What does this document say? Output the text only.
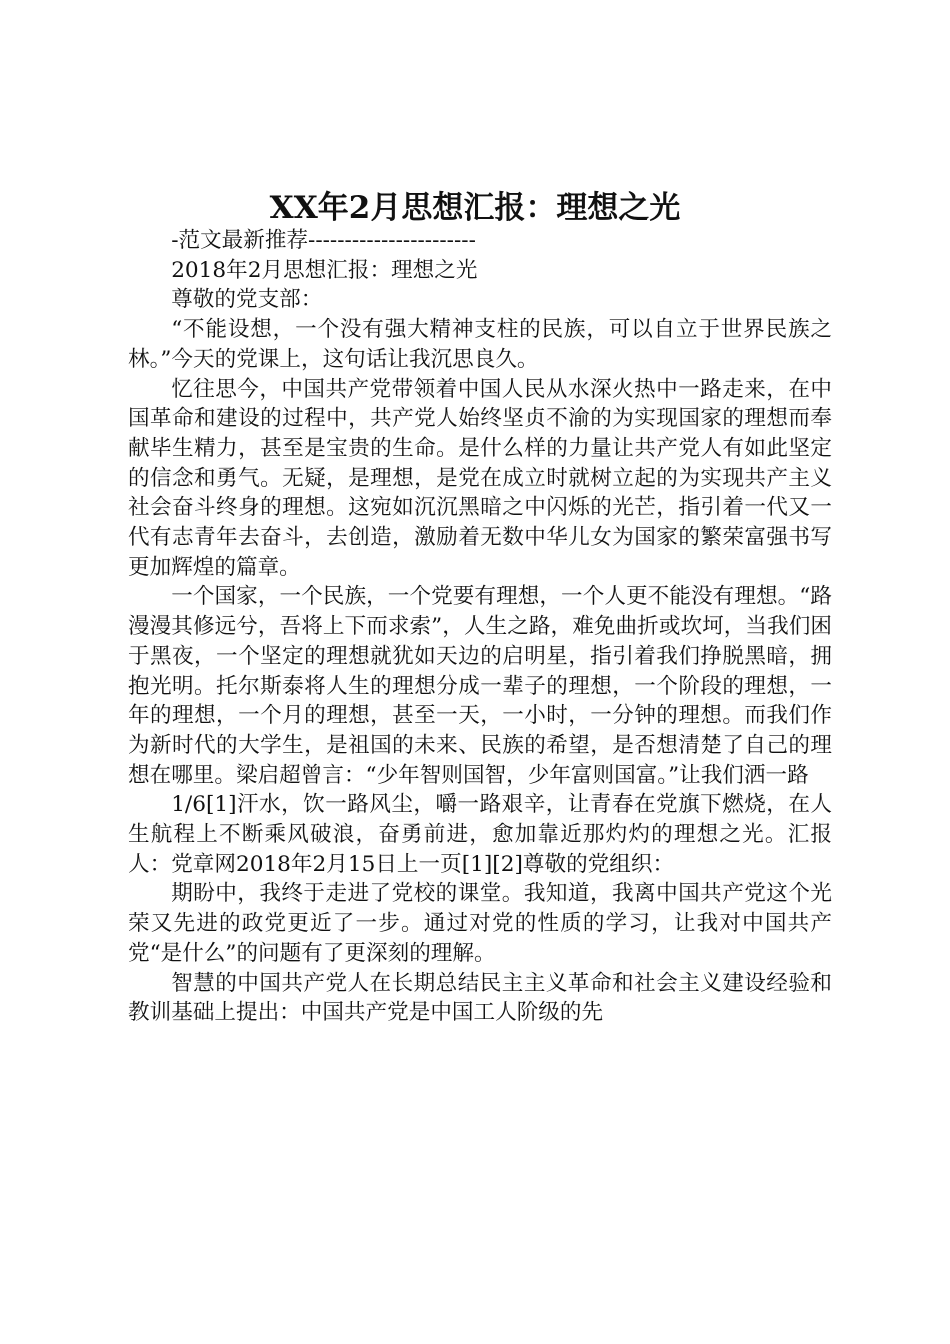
XX年2月思想汇报：理想之光

-范文最新推荐-----------------------

2018年2月思想汇报：理想之光

尊敬的党支部：

“不能设想，一个没有强大精神支柱的民族，可以自立于世界民族之林。”今天的党课上，这句话让我沉思良久。

忆往思今，中国共产党带领着中国人民从水深火热中一路走来，在中国革命和建设的过程中，共产党人始终坚贞不渝的为实现国家的理想而奉献毕生精力，甚至是宝贵的生命。是什么样的力量让共产党人有如此坚定的信念和勇气。无疑，是理想，是党在成立时就树立起的为实现共产主义社会奋斗终身的理想。这宛如沉沉黑暗之中闪烁的光芒，指引着一代又一代有志青年去奋斗，去创造，激励着无数中华儿女为国家的繁荣富强书写更加辉煌的篇章。

一个国家，一个民族，一个党要有理想，一个人更不能没有理想。“路漫漫其修远兮，吾将上下而求索”，人生之路，难免曲折或坎坷，当我们困于黑夜，一个坚定的理想就犹如天边的启明星，指引着我们挣脱黑暗，拥抱光明。托尔斯泰将人生的理想分成一辈子的理想，一个阶段的理想，一年的理想，一个月的理想，甚至一天，一小时，一分钟的理想。而我们作为新时代的大学生，是祖国的未来、民族的希望，是否想清楚了自己的理想在哪里。梁启超曾言：“少年智则国智，少年富则国富。”让我们洒一路

1/6[1]汗水，饮一路风尘，嚼一路艰辛，让青春在党旗下燃烧，在人生航程上不断乘风破浪，奋勇前进，愈加靠近那灼灼的理想之光。汇报人：党章网2018年2月15日上一页[1][2]尊敬的党组织：

期盼中，我终于走进了党校的课堂。我知道，我离中国共产党这个光荣又先进的政党更近了一步。通过对党的性质的学习，让我对中国共产党“是什么”的问题有了更深刻的理解。

智慧的中国共产党人在长期总结民主主义革命和社会主义建设经验和教训基础上提出：中国共产党是中国工人阶级的先
